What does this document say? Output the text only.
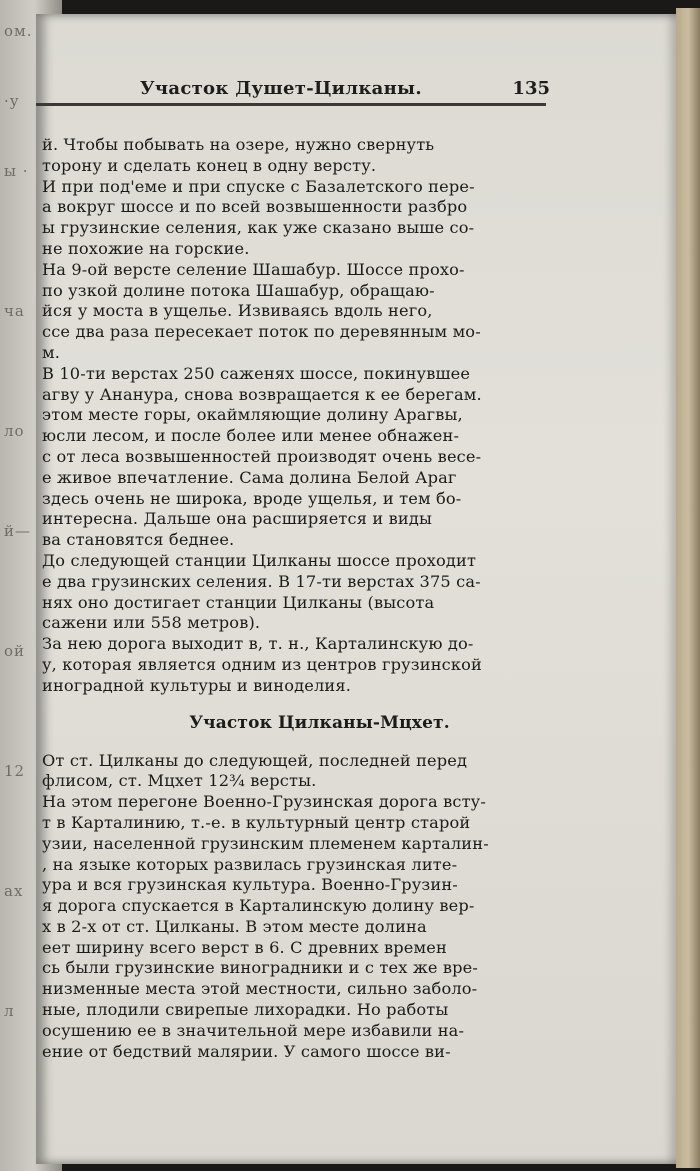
ом.
·у
ы ·
ча
ло
й—
ой
12
ах
л
Участок Душет-Цилканы.	135
й. Чтобы побывать на озере, нужно свернуть
торону и сделать конец в одну версту.
И при под'еме и при спуске с Базалетского пере-
а вокруг шоссе и по всей возвышенности разбро
ы грузинские селения, как уже сказано выше со-
не похожие на горские.
На 9-ой версте селение Шашабур. Шоссе прохо-
по узкой долине потока Шашабур, обращаю-
йся у моста в ущелье. Извиваясь вдоль него,
ссе два раза пересекает поток по деревянным мо-
м.
В 10-ти верстах 250 саженях шоссе, покинувшее
агву у Ананура, снова возвращается к ее берегам.
этом месте горы, окаймляющие долину Арагвы,
юсли лесом, и после более или менее обнажен-
с от леса возвышенностей производят очень весе-
е живое впечатление. Сама долина Белой Араг
здесь очень не широка, вроде ущелья, и тем бо-
интересна. Дальше она расширяется и виды
ва становятся беднее.
До следующей станции Цилканы шоссе проходит
е два грузинских селения. В 17-ти верстах 375 са-
нях оно достигает станции Цилканы (высота
сажени или 558 метров).
За нею дорога выходит в, т. н., Карталинскую до-
у, которая является одним из центров грузинской
иноградной культуры и виноделия.
Участок Цилканы-Мцхет.
От ст. Цилканы до следующей, последней перед
флисом, ст. Мцхет 12¾ версты.
На этом перегоне Военно-Грузинская дорога всту-
т в Карталинию, т.-е. в культурный центр старой
узии, населенной грузинским племенем карталин-
, на языке которых развилась грузинская лите-
ура и вся грузинская культура. Военно-Грузин-
я дорога спускается в Карталинскую долину вер-
х в 2-х от ст. Цилканы. В этом месте долина
еет ширину всего верст в 6. С древних времен
сь были грузинские виноградники и с тех же вре-
низменные места этой местности, сильно заболо-
ные, плодили свирепые лихорадки. Но работы
осушению ее в значительной мере избавили на-
ение от бедствий малярии. У самого шоссе ви-
